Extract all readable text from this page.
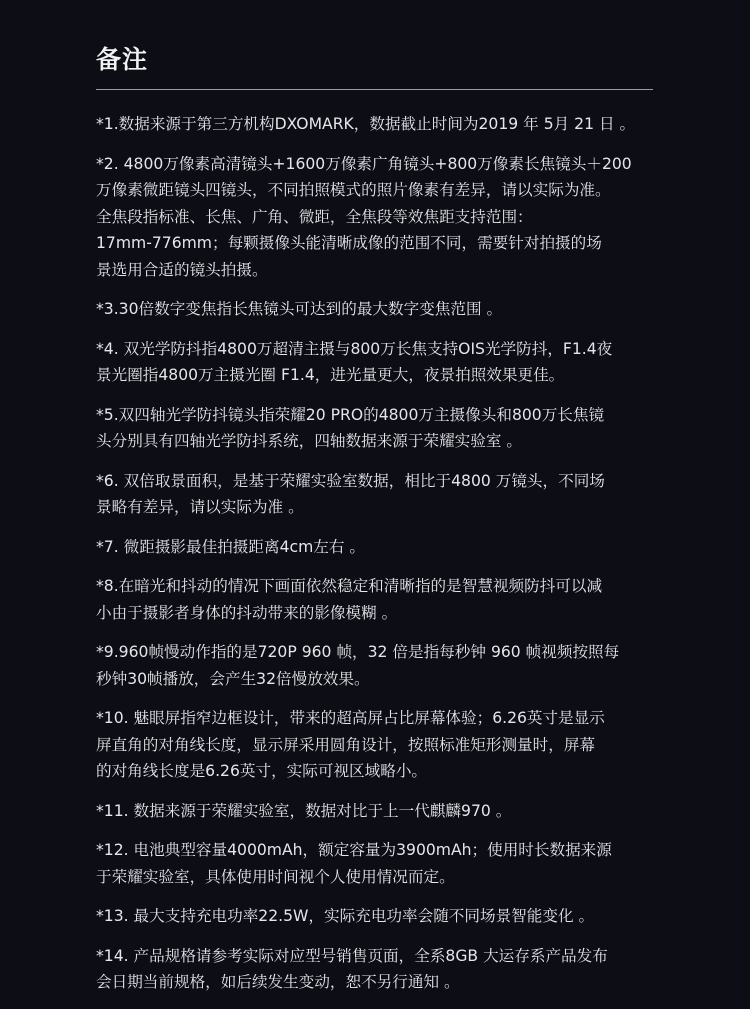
备注
*1.数据来源于第三方机构DXOMARK，数据截止时间为2019 年 5月 21 日 。
*2. 4800万像素高清镜头+1600万像素广角镜头+800万像素长焦镜头＋200
万像素微距镜头四镜头，不同拍照模式的照片像素有差异，请以实际为准。
全焦段指标准、长焦、广角、微距，全焦段等效焦距支持范围：
17mm-776mm；每颗摄像头能清晰成像的范围不同，需要针对拍摄的场
景选用合适的镜头拍摄。
*3.30倍数字变焦指长焦镜头可达到的最大数字变焦范围 。
*4. 双光学防抖指4800万超清主摄与800万长焦支持OIS光学防抖，F1.4夜
景光圈指4800万主摄光圈 F1.4，进光量更大，夜景拍照效果更佳。
*5.双四轴光学防抖镜头指荣耀20 PRO的4800万主摄像头和800万长焦镜
头分别具有四轴光学防抖系统，四轴数据来源于荣耀实验室 。
*6. 双倍取景面积，是基于荣耀实验室数据，相比于4800 万镜头，不同场
景略有差异，请以实际为准 。
*7. 微距摄影最佳拍摄距离4cm左右 。
*8.在暗光和抖动的情况下画面依然稳定和清晰指的是智慧视频防抖可以减
小由于摄影者身体的抖动带来的影像模糊 。
*9.960帧慢动作指的是720P 960 帧，32 倍是指每秒钟 960 帧视频按照每
秒钟30帧播放，会产生32倍慢放效果。
*10. 魅眼屏指窄边框设计，带来的超高屏占比屏幕体验；6.26英寸是显示
屏直角的对角线长度，显示屏采用圆角设计，按照标准矩形测量时，屏幕
的对角线长度是6.26英寸，实际可视区域略小。
*11. 数据来源于荣耀实验室，数据对比于上一代麒麟970 。
*12. 电池典型容量4000mAh，额定容量为3900mAh；使用时长数据来源
于荣耀实验室，具体使用时间视个人使用情况而定。
*13. 最大支持充电功率22.5W，实际充电功率会随不同场景智能变化 。
*14. 产品规格请参考实际对应型号销售页面，全系8GB 大运存系产品发布
会日期当前规格，如后续发生变动，恕不另行通知 。
